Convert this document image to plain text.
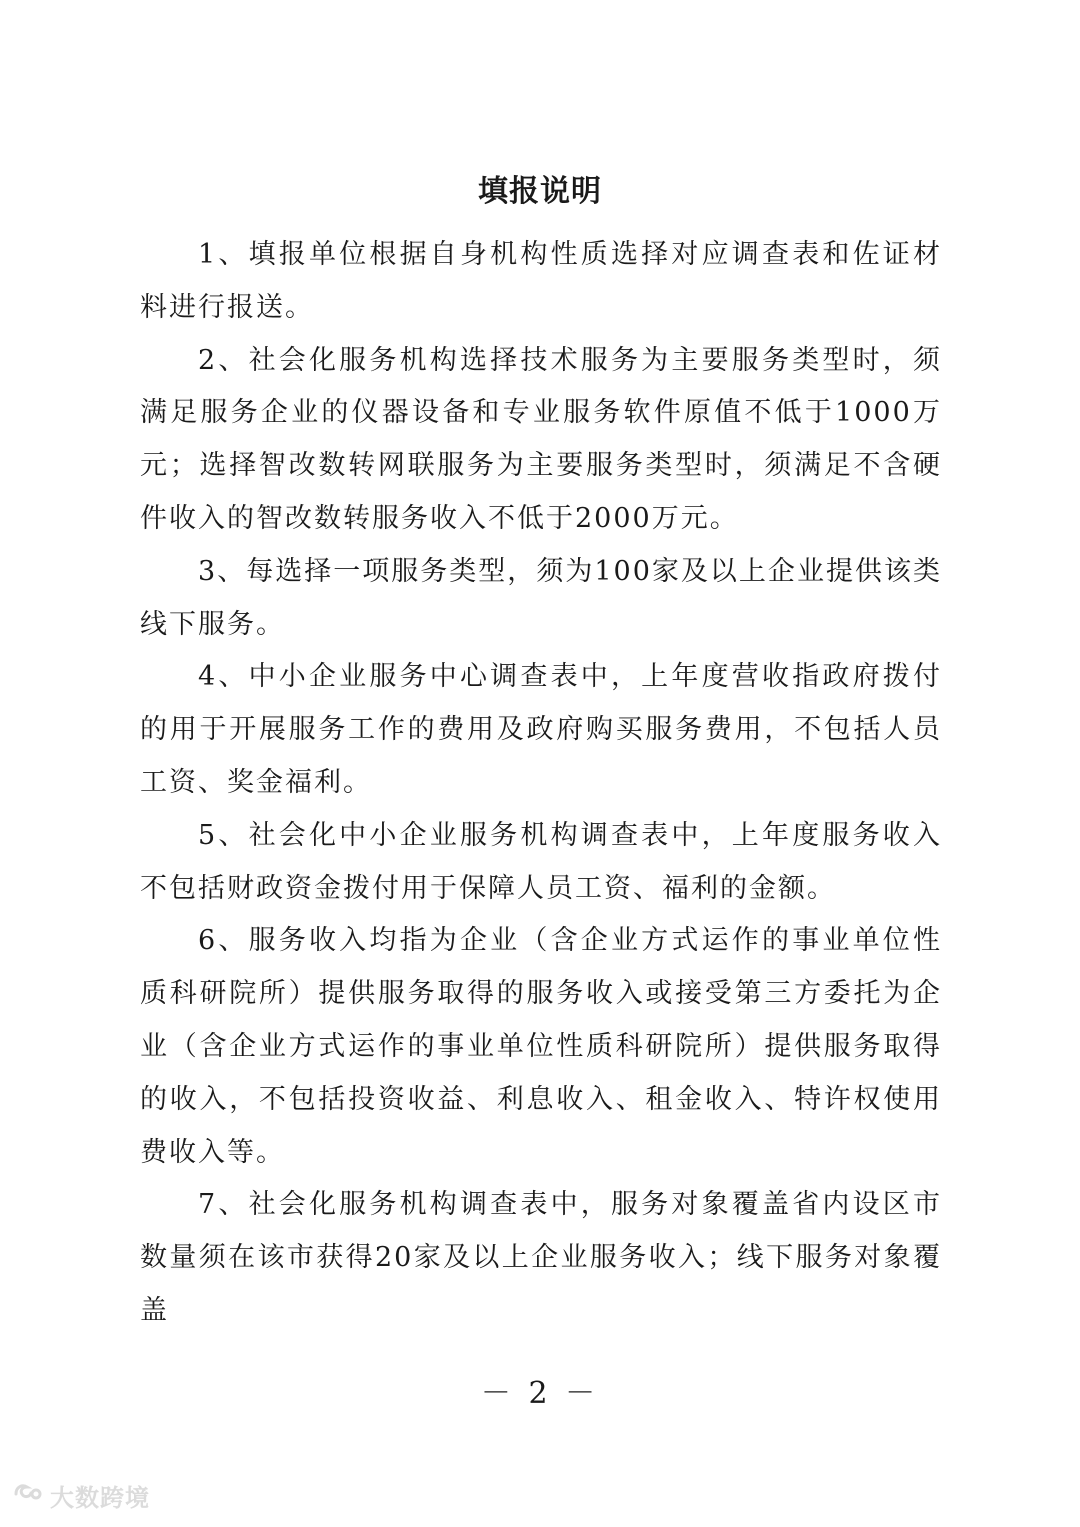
填报说明

1、填报单位根据自身机构性质选择对应调查表和佐证材料进行报送。

2、社会化服务机构选择技术服务为主要服务类型时，须满足服务企业的仪器设备和专业服务软件原值不低于1000万元；选择智改数转网联服务为主要服务类型时，须满足不含硬件收入的智改数转服务收入不低于2000万元。

3、每选择一项服务类型，须为100家及以上企业提供该类线下服务。

4、中小企业服务中心调查表中，上年度营收指政府拨付的用于开展服务工作的费用及政府购买服务费用，不包括人员工资、奖金福利。

5、社会化中小企业服务机构调查表中，上年度服务收入不包括财政资金拨付用于保障人员工资、福利的金额。

6、服务收入均指为企业（含企业方式运作的事业单位性质科研院所）提供服务取得的服务收入或接受第三方委托为企业（含企业方式运作的事业单位性质科研院所）提供服务取得的收入，不包括投资收益、利息收入、租金收入、特许权使用费收入等。

7、社会化服务机构调查表中，服务对象覆盖省内设区市数量须在该市获得20家及以上企业服务收入；线下服务对象覆盖

－ 2 －
大数跨境
